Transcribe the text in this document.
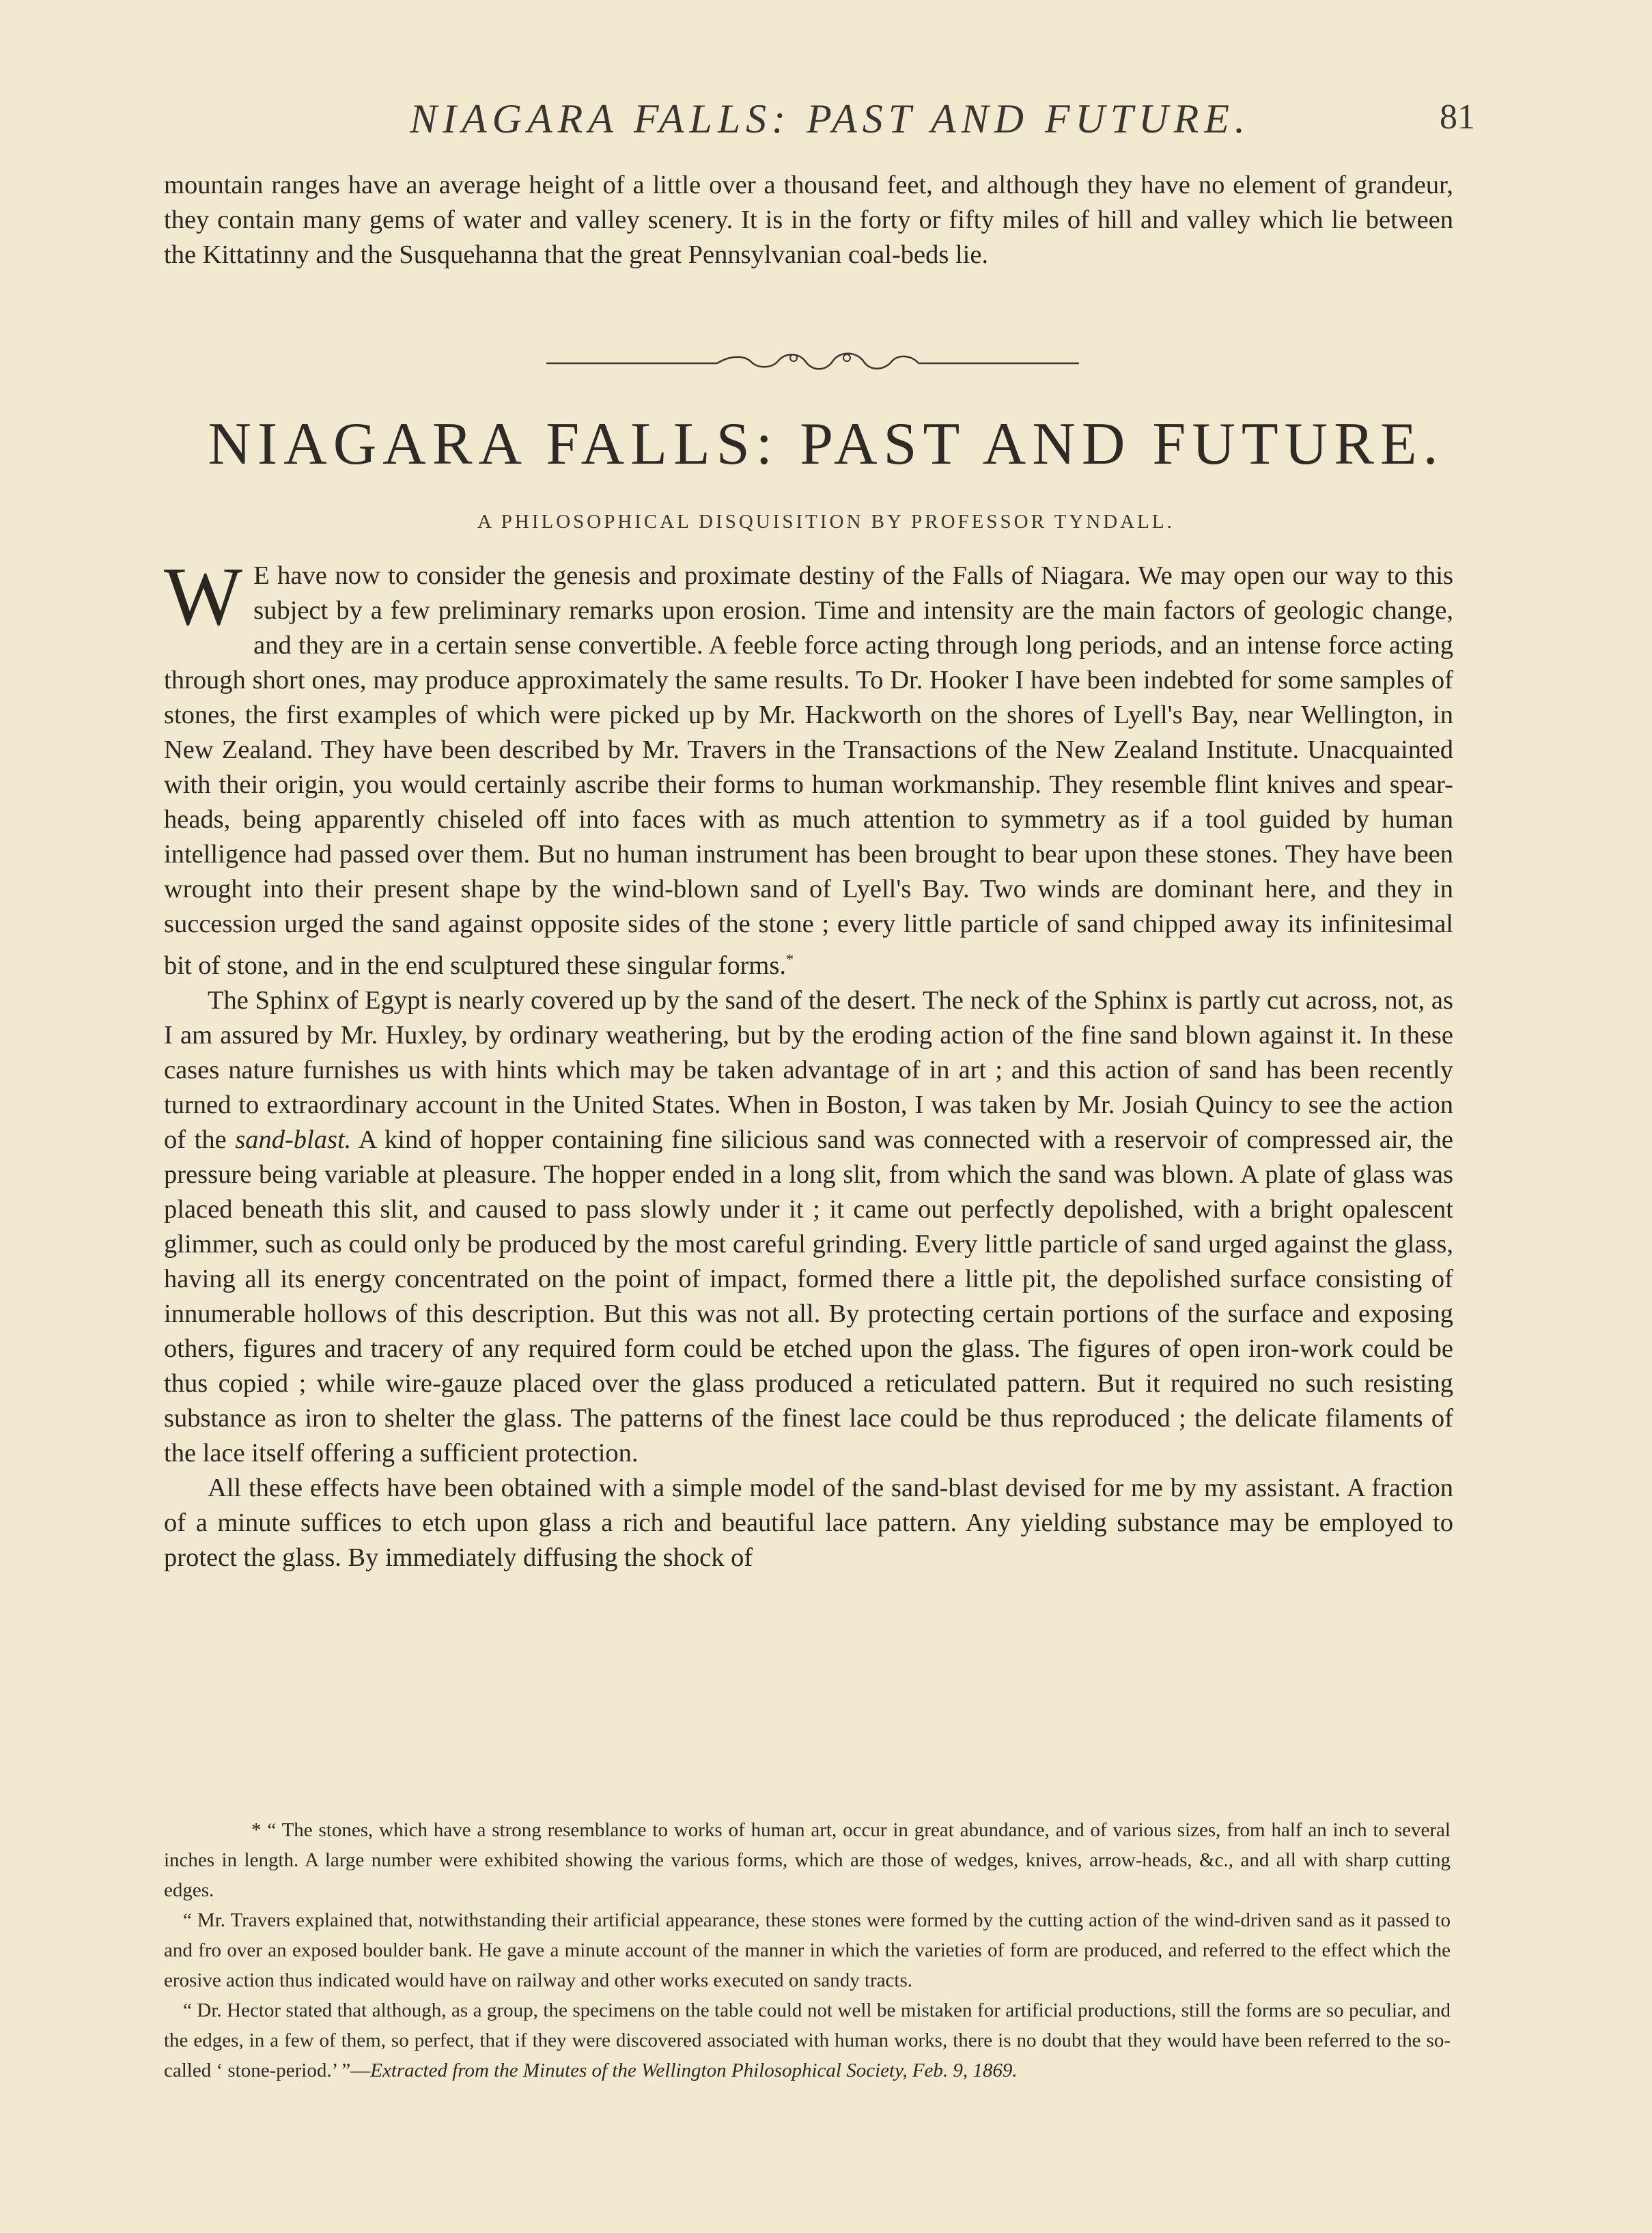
NIAGARA FALLS: PAST AND FUTURE.	81

mountain ranges have an average height of a little over a thousand feet, and although they have no element of grandeur, they contain many gems of water and valley scenery. It is in the forty or fifty miles of hill and valley which lie between the Kittatinny and the Susquehanna that the great Pennsylvanian coal-beds lie.

NIAGARA FALLS: PAST AND FUTURE.
A PHILOSOPHICAL DISQUISITION BY PROFESSOR TYNDALL.

W E have now to consider the genesis and proximate destiny of the Falls of Niagara. We may open our way to this subject by a few preliminary remarks upon erosion. Time and intensity are the main factors of geologic change, and they are in a certain sense convertible. A feeble force acting through long periods, and an intense force acting through short ones, may produce approximately the same results. To Dr. Hooker I have been indebted for some samples of stones, the first examples of which were picked up by Mr. Hackworth on the shores of Lyell's Bay, near Wellington, in New Zealand. They have been described by Mr. Travers in the Transactions of the New Zealand Institute. Unacquainted with their origin, you would certainly ascribe their forms to human workmanship. They resemble flint knives and spear-heads, being apparently chiseled off into faces with as much attention to symmetry as if a tool guided by human intelligence had passed over them. But no human instrument has been brought to bear upon these stones. They have been wrought into their present shape by the wind-blown sand of Lyell's Bay. Two winds are dominant here, and they in succession urged the sand against opposite sides of the stone ; every little particle of sand chipped away its infinitesimal bit of stone, and in the end sculptured these singular forms.*

The Sphinx of Egypt is nearly covered up by the sand of the desert. The neck of the Sphinx is partly cut across, not, as I am assured by Mr. Huxley, by ordinary weathering, but by the eroding action of the fine sand blown against it. In these cases nature furnishes us with hints which may be taken advantage of in art ; and this action of sand has been recently turned to extraordinary account in the United States. When in Boston, I was taken by Mr. Josiah Quincy to see the action of the sand-blast. A kind of hopper containing fine silicious sand was connected with a reservoir of compressed air, the pressure being variable at pleasure. The hopper ended in a long slit, from which the sand was blown. A plate of glass was placed beneath this slit, and caused to pass slowly under it ; it came out perfectly depolished, with a bright opalescent glimmer, such as could only be produced by the most careful grinding. Every little particle of sand urged against the glass, having all its energy concentrated on the point of impact, formed there a little pit, the depolished surface consisting of innumerable hollows of this description. But this was not all. By protecting certain portions of the surface and exposing others, figures and tracery of any required form could be etched upon the glass. The figures of open iron-work could be thus copied ; while wire-gauze placed over the glass produced a reticulated pattern. But it required no such resisting substance as iron to shelter the glass. The patterns of the finest lace could be thus reproduced ; the delicate filaments of the lace itself offering a sufficient protection.

All these effects have been obtained with a simple model of the sand-blast devised for me by my assistant. A fraction of a minute suffices to etch upon glass a rich and beautiful lace pattern. Any yielding substance may be employed to protect the glass. By immediately diffusing the shock of

* “ The stones, which have a strong resemblance to works of human art, occur in great abundance, and of various sizes, from half an inch to several inches in length. A large number were exhibited showing the various forms, which are those of wedges, knives, arrow-heads, &c., and all with sharp cutting edges.

“ Mr. Travers explained that, notwithstanding their artificial appearance, these stones were formed by the cutting action of the wind-driven sand as it passed to and fro over an exposed boulder bank. He gave a minute account of the manner in which the varieties of form are produced, and referred to the effect which the erosive action thus indicated would have on railway and other works executed on sandy tracts.

“ Dr. Hector stated that although, as a group, the specimens on the table could not well be mistaken for artificial productions, still the forms are so peculiar, and the edges, in a few of them, so perfect, that if they were discovered associated with human works, there is no doubt that they would have been referred to the so-called ‘ stone-period.’ ”—Extracted from the Minutes of the Wellington Philosophical Society, Feb. 9, 1869.
